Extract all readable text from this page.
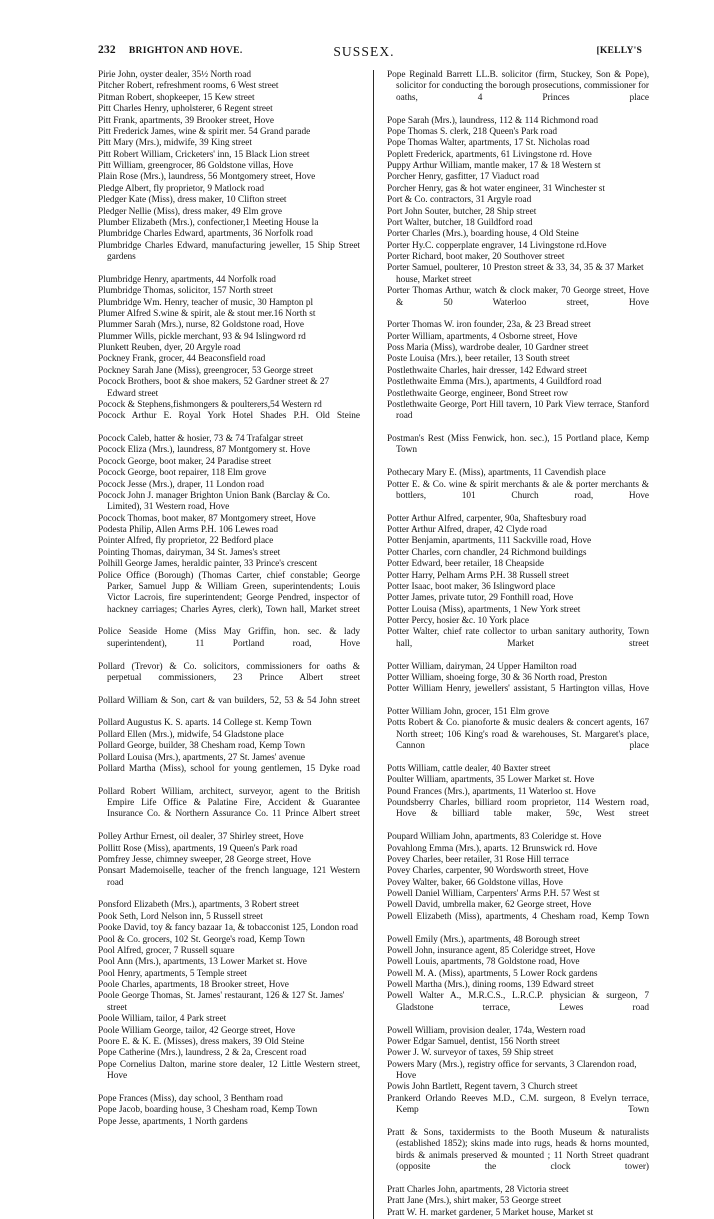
232 BRIGHTON AND HOVE.	SUSSEX.	[KELLY'S

Pirie John, oyster dealer, 35½ North road

Pitcher Robert, refreshment rooms, 6 West street

Pitman Robert, shopkeeper, 15 Kew street

Pitt Charles Henry, upholsterer, 6 Regent street

Pitt Frank, apartments, 39 Brooker street, Hove

Pitt Frederick James, wine & spirit mer. 54 Grand parade

Pitt Mary (Mrs.), midwife, 39 King street

Pitt Robert William, Cricketers' inn, 15 Black Lion street

Pitt William, greengrocer, 86 Goldstone villas, Hove

Plain Rose (Mrs.), laundress, 56 Montgomery street, Hove

Pledge Albert, fly proprietor, 9 Matlock road

Pledger Kate (Miss), dress maker, 10 Clifton street

Pledger Nellie (Miss), dress maker, 49 Elm grove

Plumber Elizabeth (Mrs.), confectioner,1 Meeting House la

Plumbridge Charles Edward, apartments, 36 Norfolk road

Plumbridge Charles Edward, manufacturing jeweller, 15 Ship Street gardens

Plumbridge Henry, apartments, 44 Norfolk road

Plumbridge Thomas, solicitor, 157 North street

Plumbridge Wm. Henry, teacher of music, 30 Hampton pl

Plumer Alfred S.wine & spirit, ale & stout mer.16 North st

Plummer Sarah (Mrs.), nurse, 82 Goldstone road, Hove

Plummer Wills, pickle merchant, 93 & 94 Islingword rd

Plunkett Reuben, dyer, 20 Argyle road

Pockney Frank, grocer, 44 Beaconsfield road

Pockney Sarah Jane (Miss), greengrocer, 53 George street

Pocock Brothers, boot & shoe makers, 52 Gardner street & 27 Edward street

Pocock & Stephens,fishmongers & poulterers,54 Western rd

Pocock Arthur E. Royal York Hotel Shades P.H. Old Steine

Pocock Caleb, hatter & hosier, 73 & 74 Trafalgar street

Pocock Eliza (Mrs.), laundress, 87 Montgomery st. Hove

Pocock George, boot maker, 24 Paradise street

Pocock George, boot repairer, 118 Elm grove

Pocock Jesse (Mrs.), draper, 11 London road

Pocock John J. manager Brighton Union Bank (Barclay & Co. Limited), 31 Western road, Hove

Pocock Thomas, boot maker, 87 Montgomery street, Hove

Podesta Philip, Allen Arms P.H. 106 Lewes road

Pointer Alfred, fly proprietor, 22 Bedford place

Pointing Thomas, dairyman, 34 St. James's street

Polhill George James, heraldic painter, 33 Prince's crescent

Police Office (Borough) (Thomas Carter, chief constable; George Parker, Samuel Jupp & William Green, superintendents; Louis Victor Lacrois, fire superintendent; George Pendred, inspector of hackney carriages; Charles Ayres, clerk), Town hall, Market street

Police Seaside Home (Miss May Griffin, hon. sec. & lady superintendent), 11 Portland road, Hove

Pollard (Trevor) & Co. solicitors, commissioners for oaths & perpetual commissioners, 23 Prince Albert street

Pollard William & Son, cart & van builders, 52, 53 & 54 John street

Pollard Augustus K. S. aparts. 14 College st. Kemp Town

Pollard Ellen (Mrs.), midwife, 54 Gladstone place

Pollard George, builder, 38 Chesham road, Kemp Town

Pollard Louisa (Mrs.), apartments, 27 St. James' avenue

Pollard Martha (Miss), school for young gentlemen, 15 Dyke road

Pollard Robert William, architect, surveyor, agent to the British Empire Life Office & Palatine Fire, Accident & Guarantee Insurance Co. & Northern Assurance Co. 11 Prince Albert street

Polley Arthur Ernest, oil dealer, 37 Shirley street, Hove

Pollitt Rose (Miss), apartments, 19 Queen's Park road

Pomfrey Jesse, chimney sweeper, 28 George street, Hove

Ponsart Mademoiselle, teacher of the french language, 121 Western road

Ponsford Elizabeth (Mrs.), apartments, 3 Robert street

Pook Seth, Lord Nelson inn, 5 Russell street

Pooke David, toy & fancy bazaar 1a, & tobacconist 125, London road

Pool & Co. grocers, 102 St. George's road, Kemp Town

Pool Alfred, grocer, 7 Russell square

Pool Ann (Mrs.), apartments, 13 Lower Market st. Hove

Pool Henry, apartments, 5 Temple street

Poole Charles, apartments, 18 Brooker street, Hove

Poole George Thomas, St. James' restaurant, 126 & 127 St. James' street

Poole William, tailor, 4 Park street

Poole William George, tailor, 42 George street, Hove

Poore E. & K. E. (Misses), dress makers, 39 Old Steine

Pope Catherine (Mrs.), laundress, 2 & 2a, Crescent road

Pope Cornelius Dalton, marine store dealer, 12 Little Western street, Hove

Pope Frances (Miss), day school, 3 Bentham road

Pope Jacob, boarding house, 3 Chesham road, Kemp Town

Pope Jesse, apartments, 1 North gardens

Pope Reginald Barrett LL.B. solicitor (firm, Stuckey, Son & Pope), solicitor for conducting the borough prosecutions, commissioner for oaths, 4 Princes place

Pope Sarah (Mrs.), laundress, 112 & 114 Richmond road

Pope Thomas S. clerk, 218 Queen's Park road

Pope Thomas Walter, apartments, 17 St. Nicholas road

Poplett Frederick, apartments, 61 Livingstone rd. Hove

Puppy Arthur William, mantle maker, 17 & 18 Western st

Porcher Henry, gasfitter, 17 Viaduct road

Porcher Henry, gas & hot water engineer, 31 Winchester st

Port & Co. contractors, 31 Argyle road

Port John Souter, butcher, 28 Ship street

Port Walter, butcher, 18 Guildford road

Porter Charles (Mrs.), boarding house, 4 Old Steine

Porter Hy.C. copperplate engraver, 14 Livingstone rd.Hove

Porter Richard, boot maker, 20 Southover street

Porter Samuel, poulterer, 10 Preston street & 33, 34, 35 & 37 Market house, Market street

Porter Thomas Arthur, watch & clock maker, 70 George street, Hove & 50 Waterloo street, Hove

Porter Thomas W. iron founder, 23a, & 23 Bread street

Porter William, apartments, 4 Osborne street, Hove

Poss Maria (Miss), wardrobe dealer, 10 Gardner street

Poste Louisa (Mrs.), beer retailer, 13 South street

Postlethwaite Charles, hair dresser, 142 Edward street

Postlethwaite Emma (Mrs.), apartments, 4 Guildford road

Postlethwaite George, engineer, Bond Street row

Postlethwaite George, Port Hill tavern, 10 Park View terrace, Stanford road

Postman's Rest (Miss Fenwick, hon. sec.), 15 Portland place, Kemp Town

Pothecary Mary E. (Miss), apartments, 11 Cavendish place

Potter E. & Co. wine & spirit merchants & ale & porter merchants & bottlers, 101 Church road, Hove

Potter Arthur Alfred, carpenter, 90a, Shaftesbury road

Potter Arthur Alfred, draper, 42 Clyde road

Potter Benjamin, apartments, 111 Sackville road, Hove

Potter Charles, corn chandler, 24 Richmond buildings

Potter Edward, beer retailer, 18 Cheapside

Potter Harry, Pelham Arms P.H. 38 Russell street

Potter Isaac, boot maker, 36 Islingword place

Potter James, private tutor, 29 Fonthill road, Hove

Potter Louisa (Miss), apartments, 1 New York street

Potter Percy, hosier &c. 10 York place

Potter Walter, chief rate collector to urban sanitary authority, Town hall, Market street

Potter William, dairyman, 24 Upper Hamilton road

Potter William, shoeing forge, 30 & 36 North road, Preston

Potter William Henry, jewellers' assistant, 5 Hartington villas, Hove

Potter William John, grocer, 151 Elm grove

Potts Robert & Co. pianoforte & music dealers & concert agents, 167 North street; 106 King's road & warehouses, St. Margaret's place, Cannon place

Potts William, cattle dealer, 40 Baxter street

Poulter William, apartments, 35 Lower Market st. Hove

Pound Frances (Mrs.), apartments, 11 Waterloo st. Hove

Poundsberry Charles, billiard room proprietor, 114 Western road, Hove & billiard table maker, 59c, West street

Poupard William John, apartments, 83 Coleridge st. Hove

Povahlong Emma (Mrs.), aparts. 12 Brunswick rd. Hove

Povey Charles, beer retailer, 31 Rose Hill terrace

Povey Charles, carpenter, 90 Wordsworth street, Hove

Povey Walter, baker, 66 Goldstone villas, Hove

Powell Daniel William, Carpenters' Arms P.H. 57 West st

Powell David, umbrella maker, 62 George street, Hove

Powell Elizabeth (Miss), apartments, 4 Chesham road, Kemp Town

Powell Emily (Mrs.), apartments, 48 Borough street

Powell John, insurance agent, 85 Coleridge street, Hove

Powell Louis, apartments, 78 Goldstone road, Hove

Powell M. A. (Miss), apartments, 5 Lower Rock gardens

Powell Martha (Mrs.), dining rooms, 139 Edward street

Powell Walter A., M.R.C.S., L.R.C.P. physician & surgeon, 7 Gladstone terrace, Lewes road

Powell William, provision dealer, 174a, Western road

Power Edgar Samuel, dentist, 156 North street

Power J. W. surveyor of taxes, 59 Ship street

Powers Mary (Mrs.), registry office for servants, 3 Clarendon road, Hove

Powis John Bartlett, Regent tavern, 3 Church street

Prankerd Orlando Reeves M.D., C.M. surgeon, 8 Evelyn terrace, Kemp Town

Pratt & Sons, taxidermists to the Booth Museum & naturalists (established 1852); skins made into rugs, heads & horns mounted, birds & animals preserved & mounted ; 11 North Street quadrant (opposite the clock tower)

Pratt Charles John, apartments, 28 Victoria street

Pratt Jane (Mrs.), shirt maker, 53 George street

Pratt W. H. market gardener, 5 Market house, Market st
